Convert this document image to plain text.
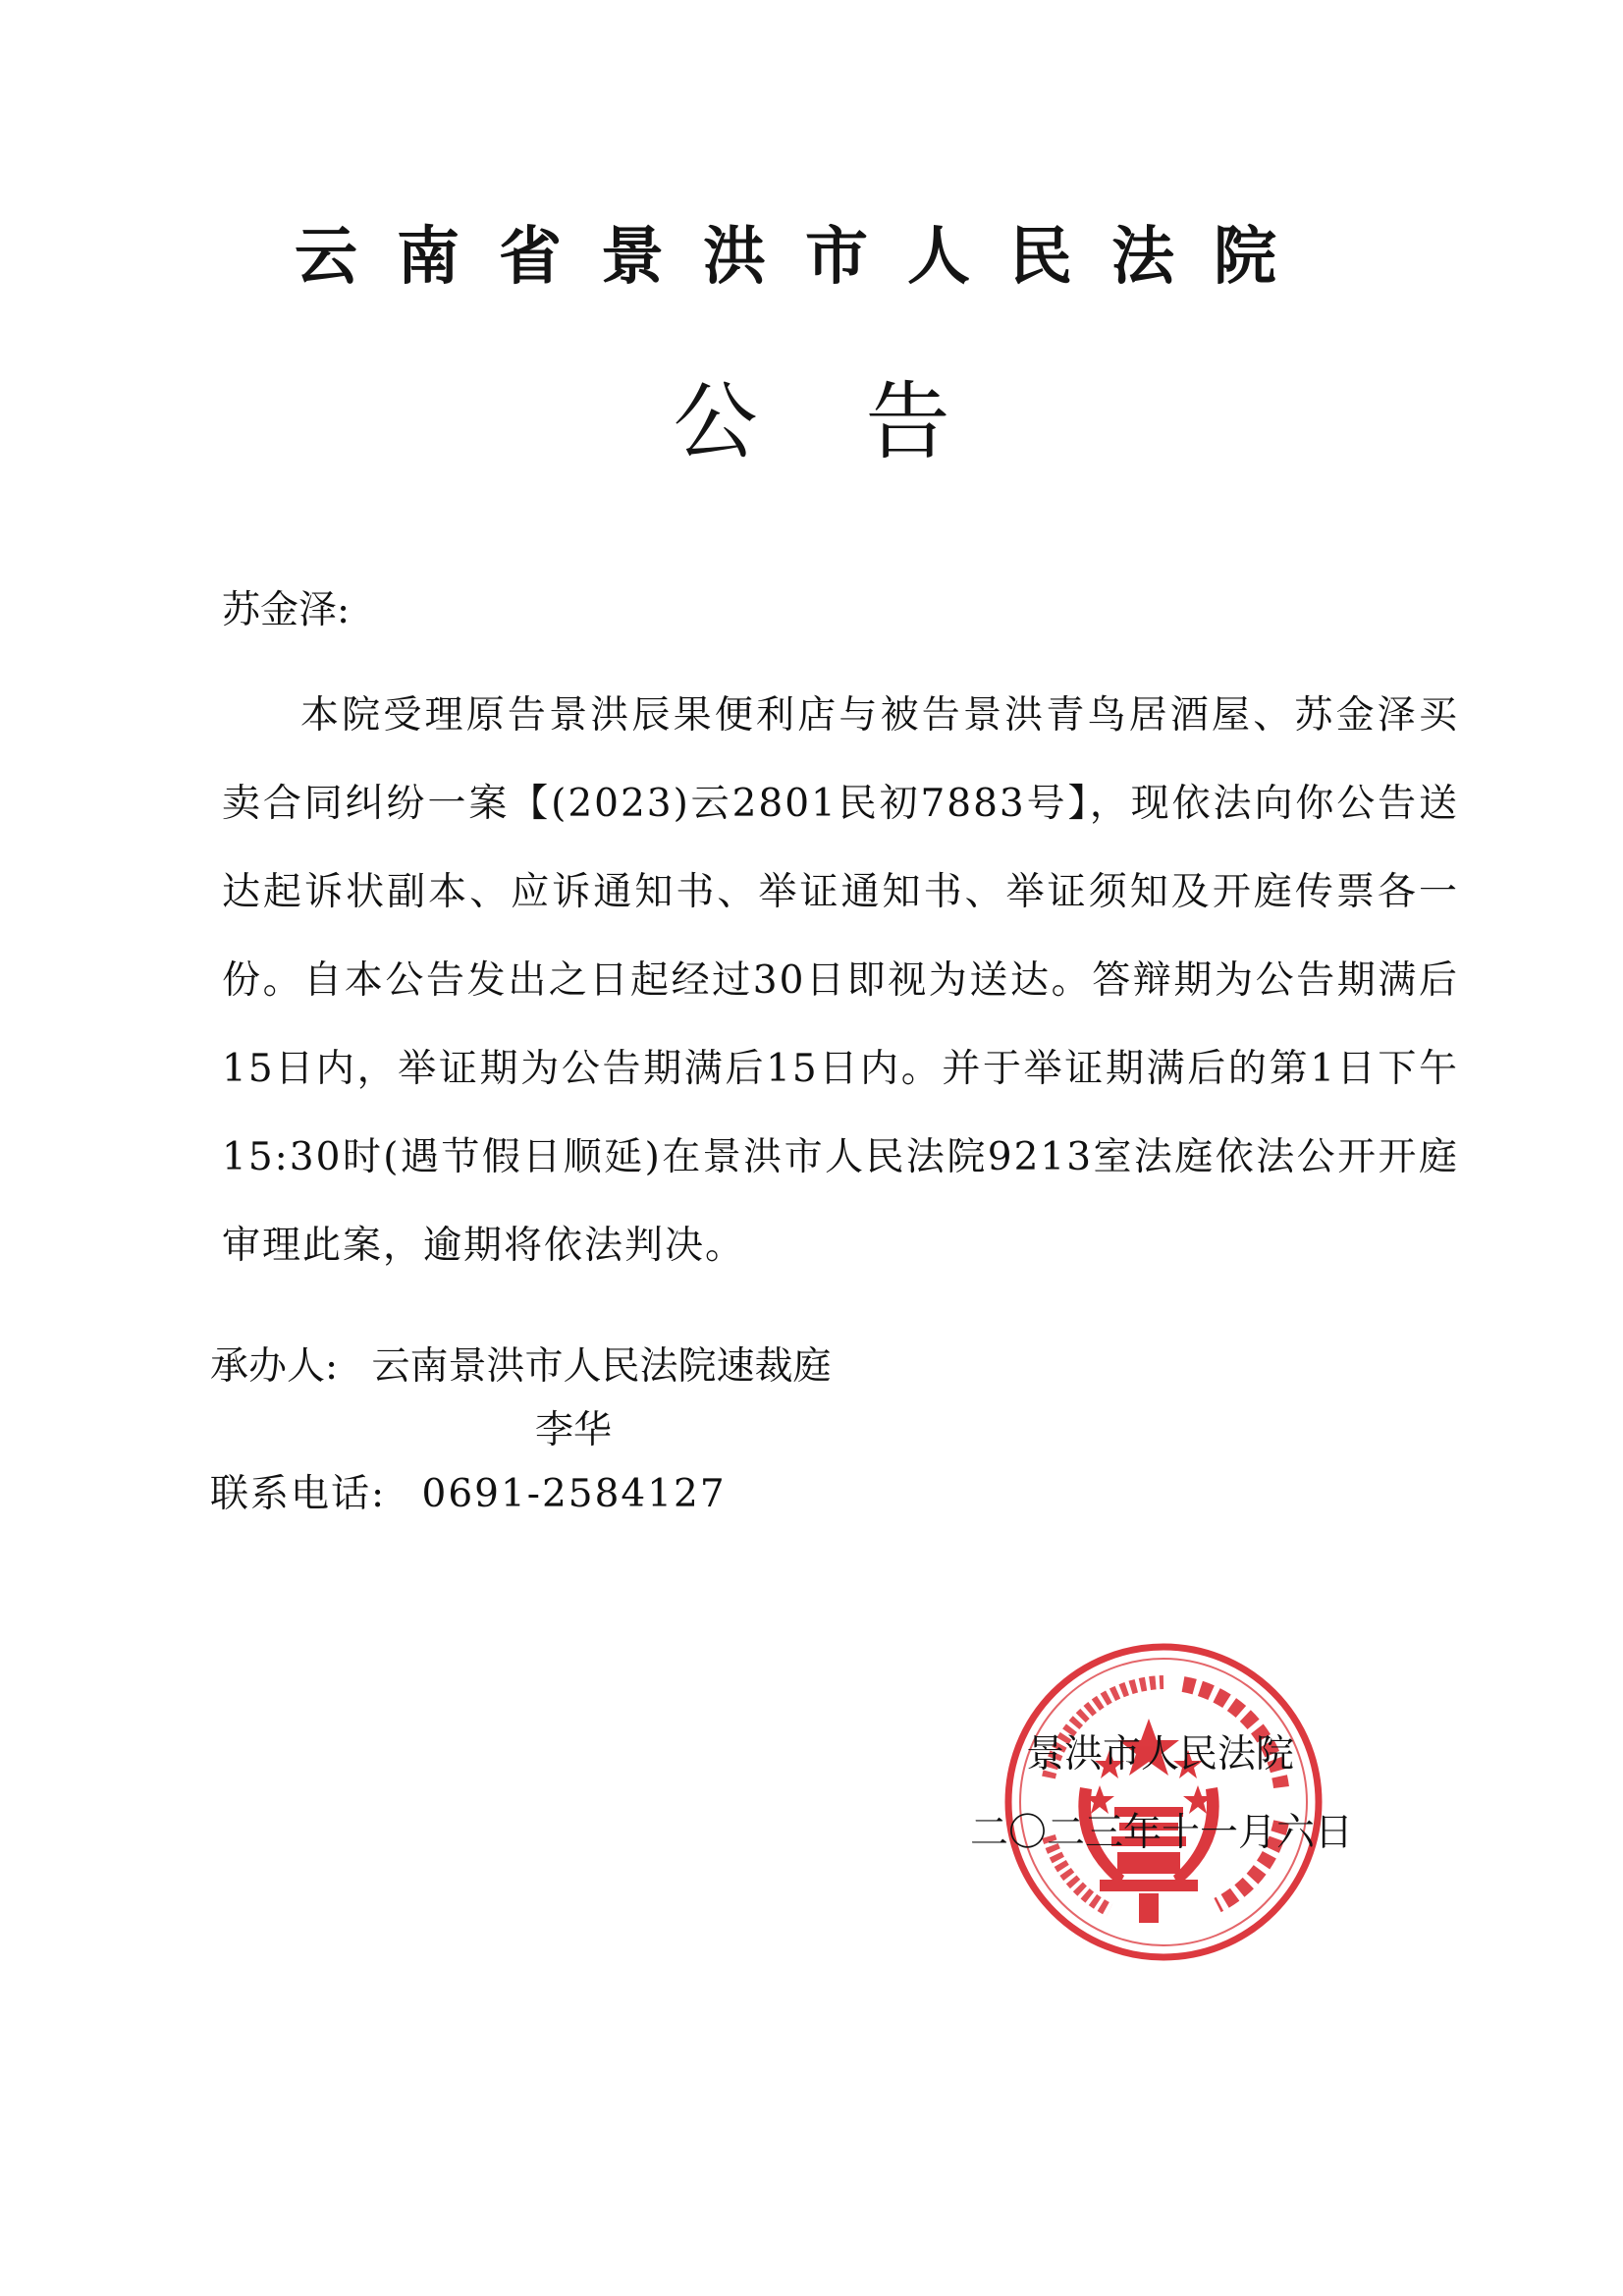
云南省景洪市人民法院
公告
苏金泽:
本院受理原告景洪辰果便利店与被告景洪青鸟居酒屋、苏金泽买卖合同纠纷一案【(2023)云2801民初7883号】，现依法向你公告送达起诉状副本、应诉通知书、举证通知书、举证须知及开庭传票各一份。自本公告发出之日起经过30日即视为送达。答辩期为公告期满后15日内，举证期为公告期满后15日内。并于举证期满后的第1日下午15:30时(遇节假日顺延)在景洪市人民法院9213室法庭依法公开开庭审理此案，逾期将依法判决。
承办人: 云南景洪市人民法院速裁庭
李华
联系电话: 0691-2584127
景洪市人民法院
二〇二三年十一月六日
